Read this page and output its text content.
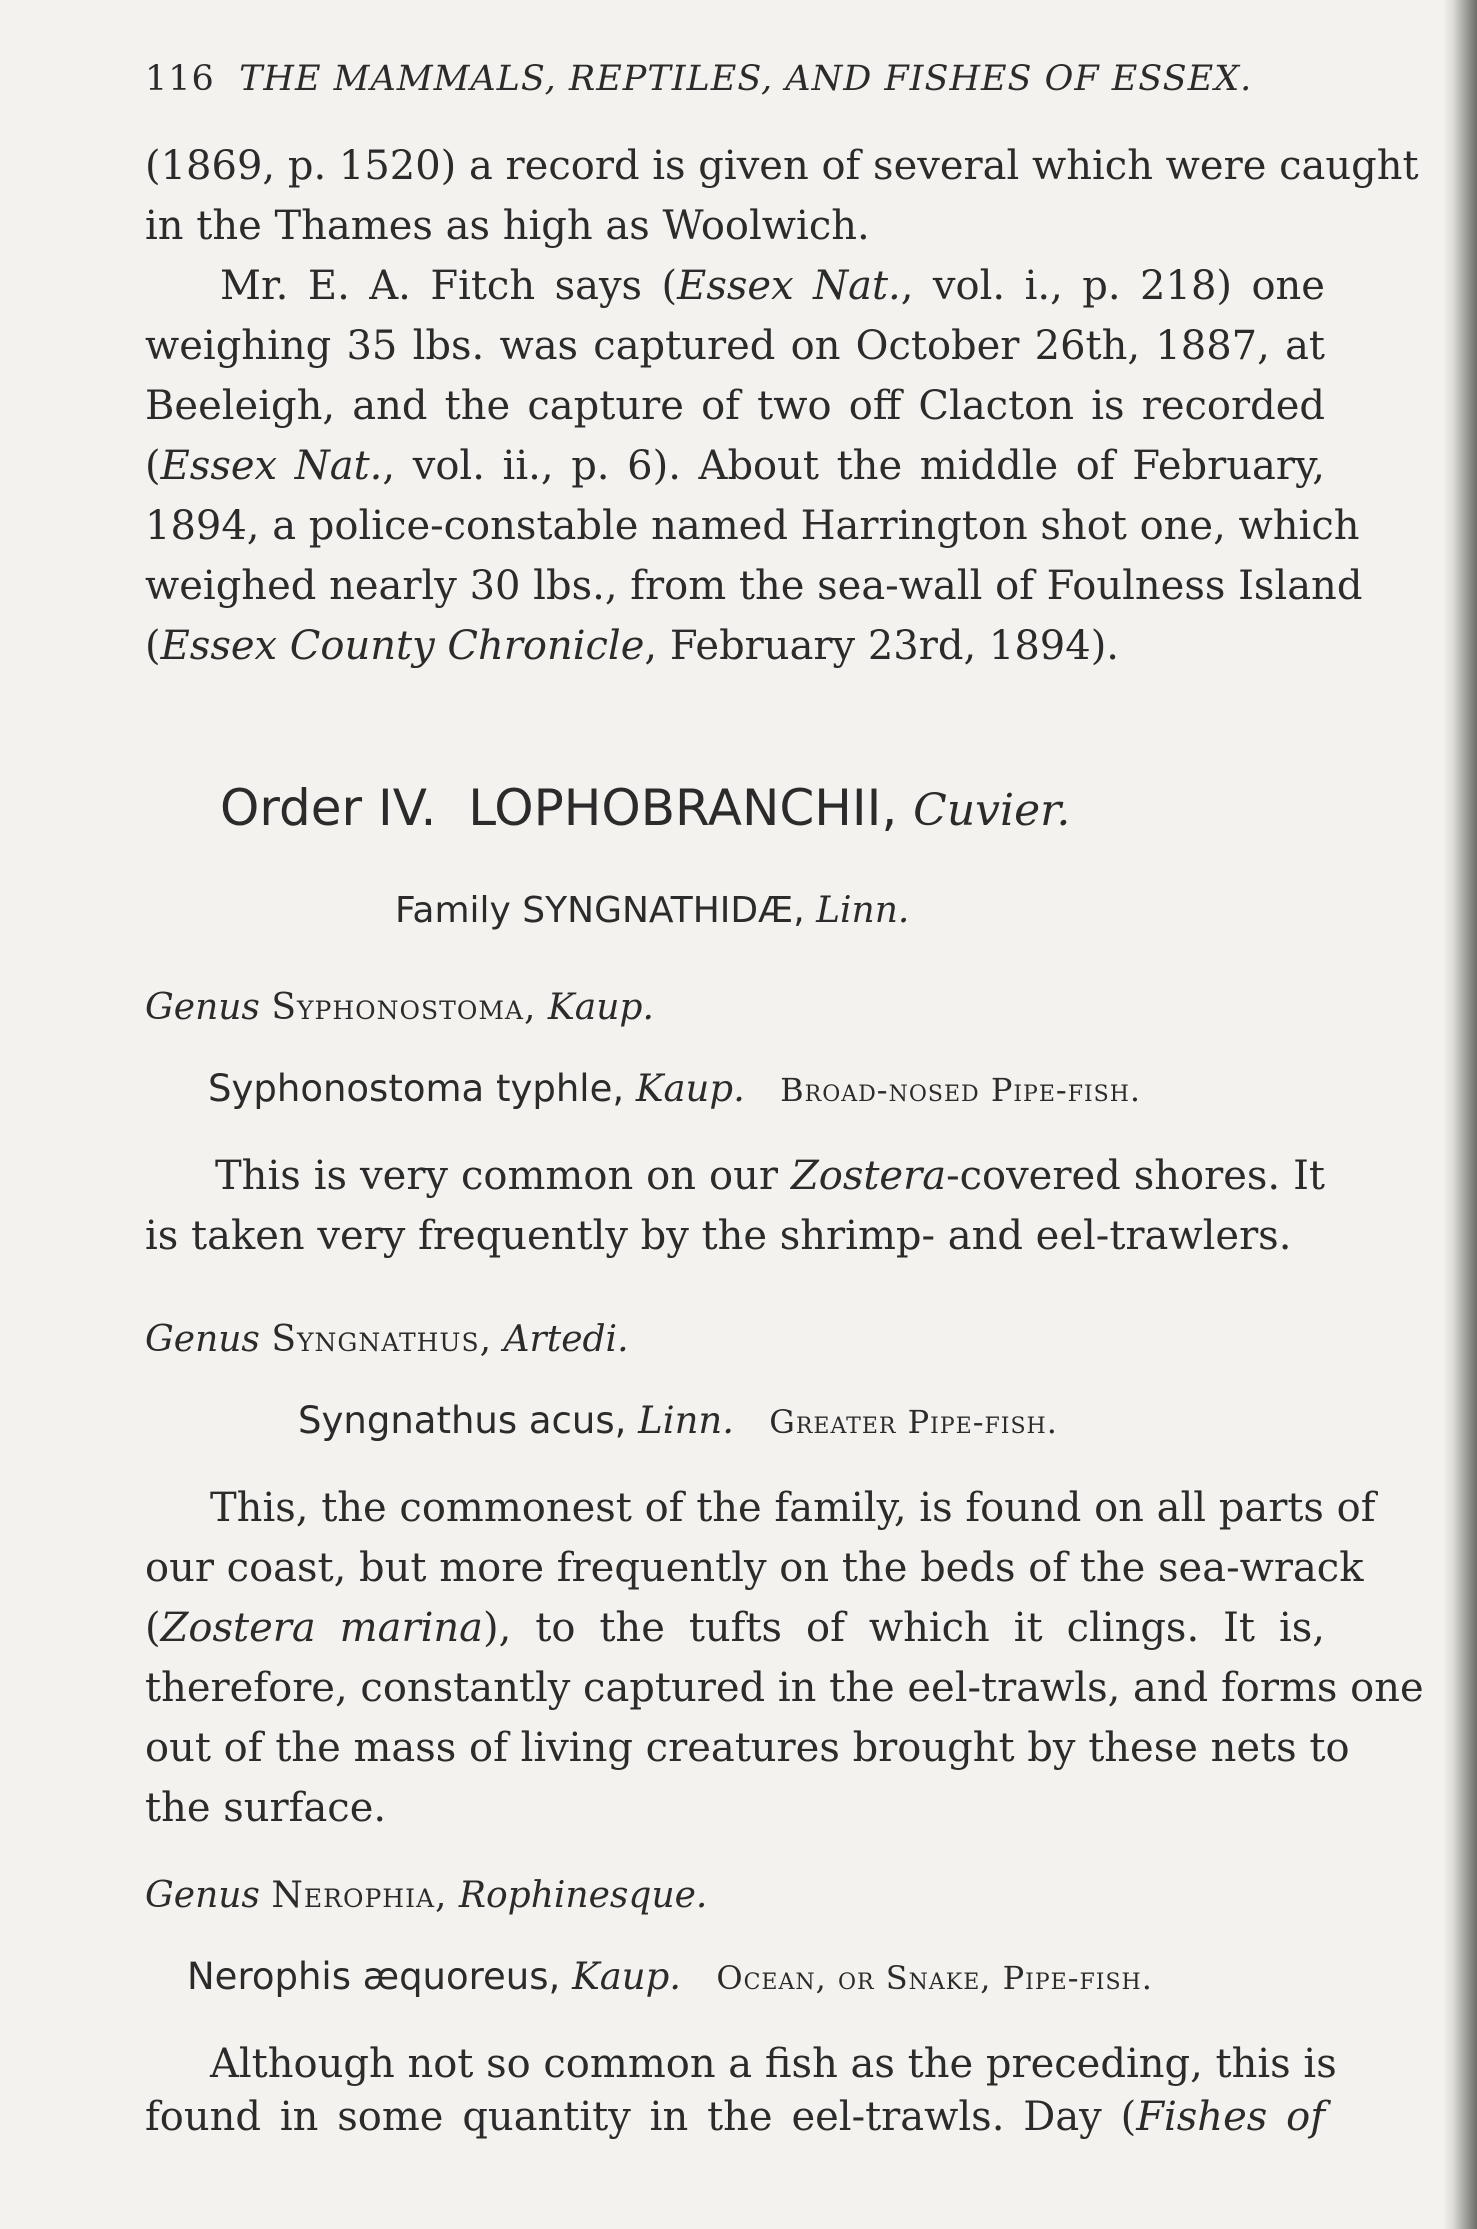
116 THE MAMMALS, REPTILES, AND FISHES OF ESSEX.
(1869, p. 1520) a record is given of several which were caught
in the Thames as high as Woolwich.
Mr. E. A. Fitch says (Essex Nat., vol. i., p. 218) one
weighing 35 lbs. was captured on October 26th, 1887, at
Beeleigh, and the capture of two off Clacton is recorded
(Essex Nat., vol. ii., p. 6). About the middle of February,
1894, a police-constable named Harrington shot one, which
weighed nearly 30 lbs., from the sea-wall of Foulness Island
(Essex County Chronicle, February 23rd, 1894).
Order IV. LOPHOBRANCHII, Cuvier.
Family SYNGNATHIDÆ, Linn.
Genus Syphonostoma, Kaup.
Syphonostoma typhle, Kaup. Broad-nosed Pipe-fish.
This is very common on our Zostera-covered shores. It
is taken very frequently by the shrimp- and eel-trawlers.
Genus Syngnathus, Artedi.
Syngnathus acus, Linn. Greater Pipe-fish.
This, the commonest of the family, is found on all parts of
our coast, but more frequently on the beds of the sea-wrack
(Zostera marina), to the tufts of which it clings. It is,
therefore, constantly captured in the eel-trawls, and forms one
out of the mass of living creatures brought by these nets to
the surface.
Genus Nerophia, Rophinesque.
Nerophis æquoreus, Kaup. Ocean, or Snake, Pipe-fish.
Although not so common a fish as the preceding, this is
found in some quantity in the eel-trawls. Day (Fishes of
